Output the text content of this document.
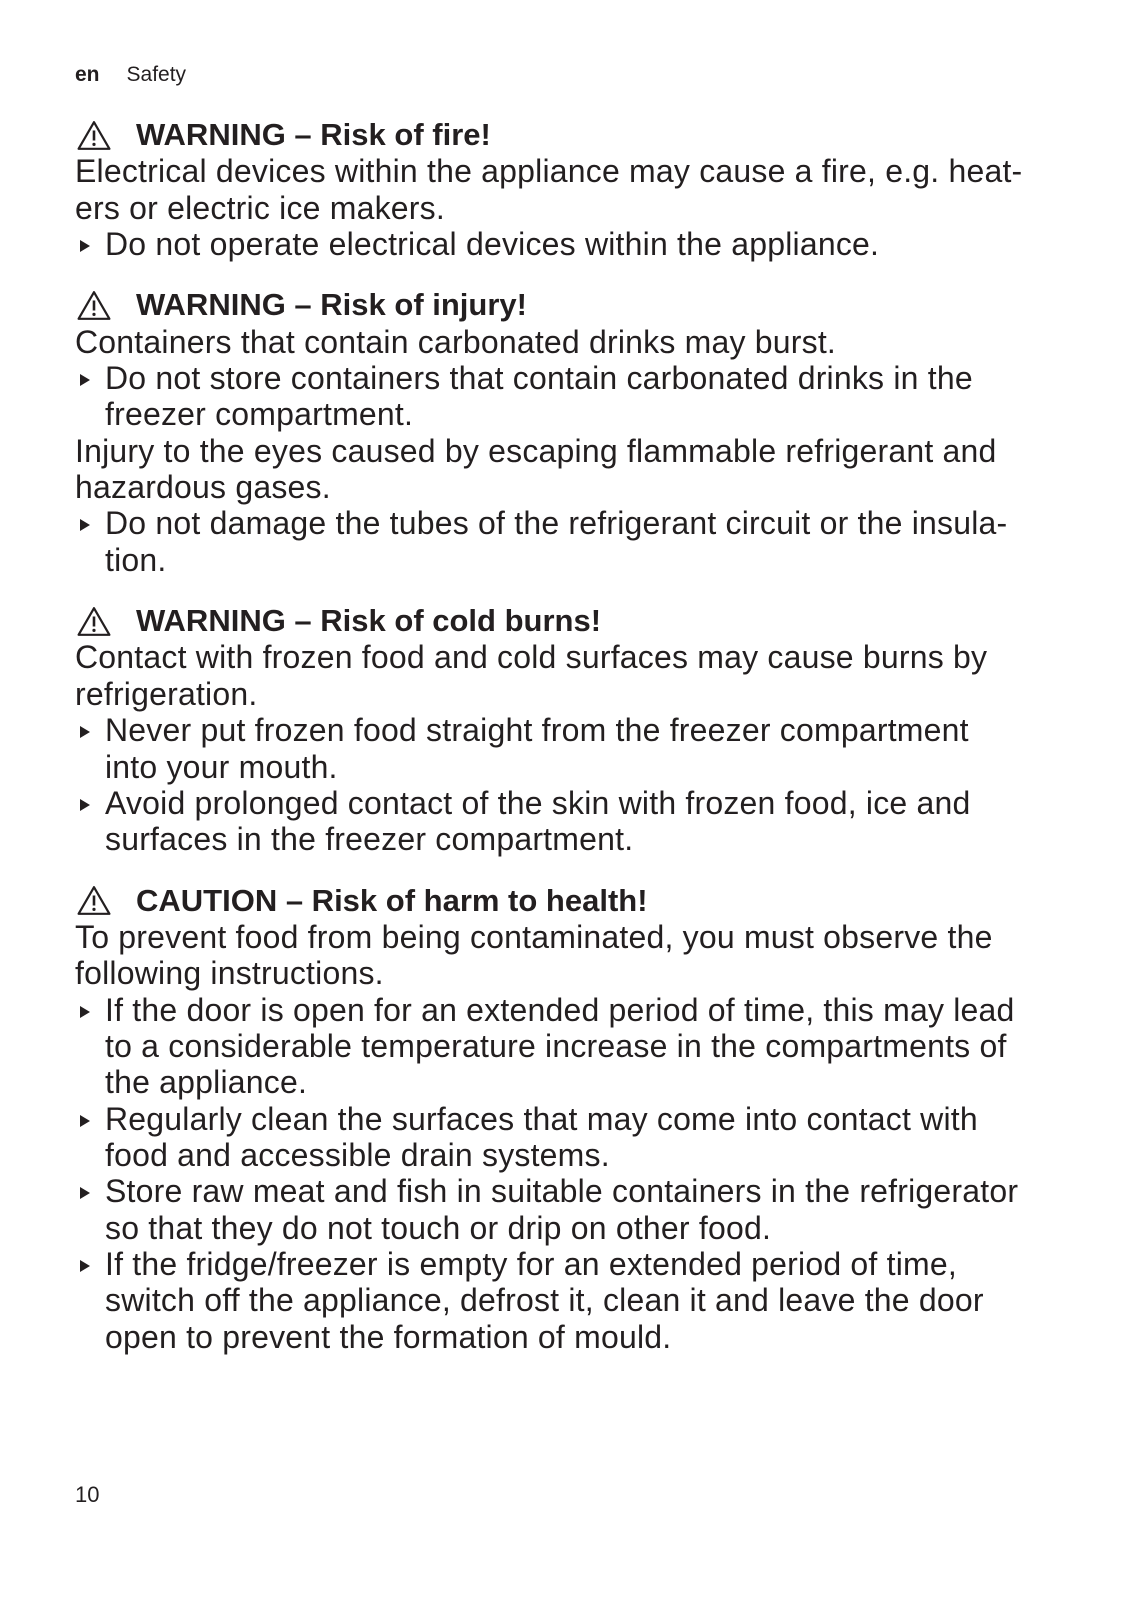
en Safety
WARNING – Risk of fire!
Electrical devices within the appliance may cause a fire, e.g. heat-
ers or electric ice makers.
Do not operate electrical devices within the appliance.
WARNING – Risk of injury!
Containers that contain carbonated drinks may burst.
Do not store containers that contain carbonated drinks in the
freezer compartment.
Injury to the eyes caused by escaping flammable refrigerant and
hazardous gases.
Do not damage the tubes of the refrigerant circuit or the insula-
tion.
WARNING – Risk of cold burns!
Contact with frozen food and cold surfaces may cause burns by
refrigeration.
Never put frozen food straight from the freezer compartment
into your mouth.
Avoid prolonged contact of the skin with frozen food, ice and
surfaces in the freezer compartment.
CAUTION – Risk of harm to health!
To prevent food from being contaminated, you must observe the
following instructions.
If the door is open for an extended period of time, this may lead
to a considerable temperature increase in the compartments of
the appliance.
Regularly clean the surfaces that may come into contact with
food and accessible drain systems.
Store raw meat and fish in suitable containers in the refrigerator
so that they do not touch or drip on other food.
If the fridge/freezer is empty for an extended period of time,
switch off the appliance, defrost it, clean it and leave the door
open to prevent the formation of mould.
10
